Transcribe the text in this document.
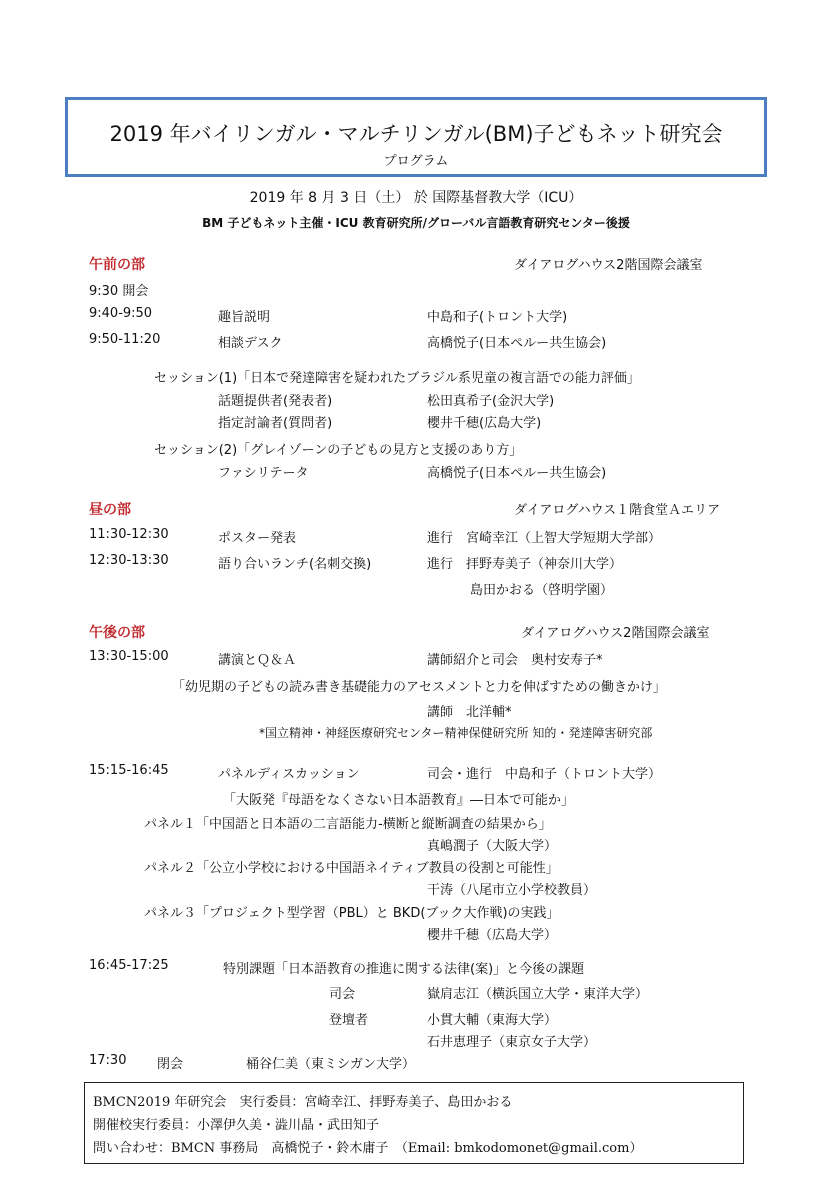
2019 年バイリンガル・マルチリンガル(BM)子どもネット研究会
プログラム
2019 年 8 月 3 日（土） 於 国際基督教大学（ICU）
BM 子どもネット主催・ICU 教育研究所/グローバル言語教育研究センター後援
午前の部	ダイアログハウス2階国際会議室
9:30 開会
9:40-9:50	趣旨説明	中島和子(トロント大学)
9:50-11:20	相談デスク	高橋悦子(日本ペルー共生協会)
セッション(1)「日本で発達障害を疑われたブラジル系児童の複言語での能力評価」
話題提供者(発表者)	松田真希子(金沢大学)
指定討論者(質問者)	櫻井千穂(広島大学)
セッション(2)「グレイゾーンの子どもの見方と支援のあり方」
ファシリテータ	高橋悦子(日本ペルー共生協会)
昼の部	ダイアログハウス１階食堂Ａエリア
11:30-12:30	ポスター発表	進行　宮崎幸江（上智大学短期大学部）
12:30-13:30	語り合いランチ(名刺交換)	進行　拝野寿美子（神奈川大学）
島田かおる（啓明学園）
午後の部	ダイアログハウス2階国際会議室
13:30-15:00	講演とＱ＆Ａ	講師紹介と司会　奥村安寿子*
「幼児期の子どもの読み書き基礎能力のアセスメントと力を伸ばすための働きかけ」
講師　北洋輔*
*国立精神・神経医療研究センター精神保健研究所 知的・発達障害研究部
15:15-16:45	パネルディスカッション	司会・進行　中島和子（トロント大学）
「大阪発『母語をなくさない日本語教育』―日本で可能か」
パネル１「中国語と日本語の二言語能力-横断と縦断調査の結果から」
真嶋潤子（大阪大学）
パネル２「公立小学校における中国語ネイティブ教員の役割と可能性」
干涛（八尾市立小学校教員）
パネル３「プロジェクト型学習（PBL）と BKD(ブック大作戦)の実践」
櫻井千穂（広島大学）
16:45-17:25	特別課題「日本語教育の推進に関する法律(案)」と今後の課題
司会	嶽肩志江（横浜国立大学・東洋大学）
登壇者	小貫大輔（東海大学）
石井恵理子（東京女子大学）
17:30 閉会	桶谷仁美（東ミシガン大学）
BMCN2019 年研究会　実行委員：宮崎幸江、拝野寿美子、島田かおる
開催校実行委員：小澤伊久美・澁川晶・武田知子
問い合わせ：BMCN 事務局　高橋悦子・鈴木庸子　（Email: bmkodomonet@gmail.com）
